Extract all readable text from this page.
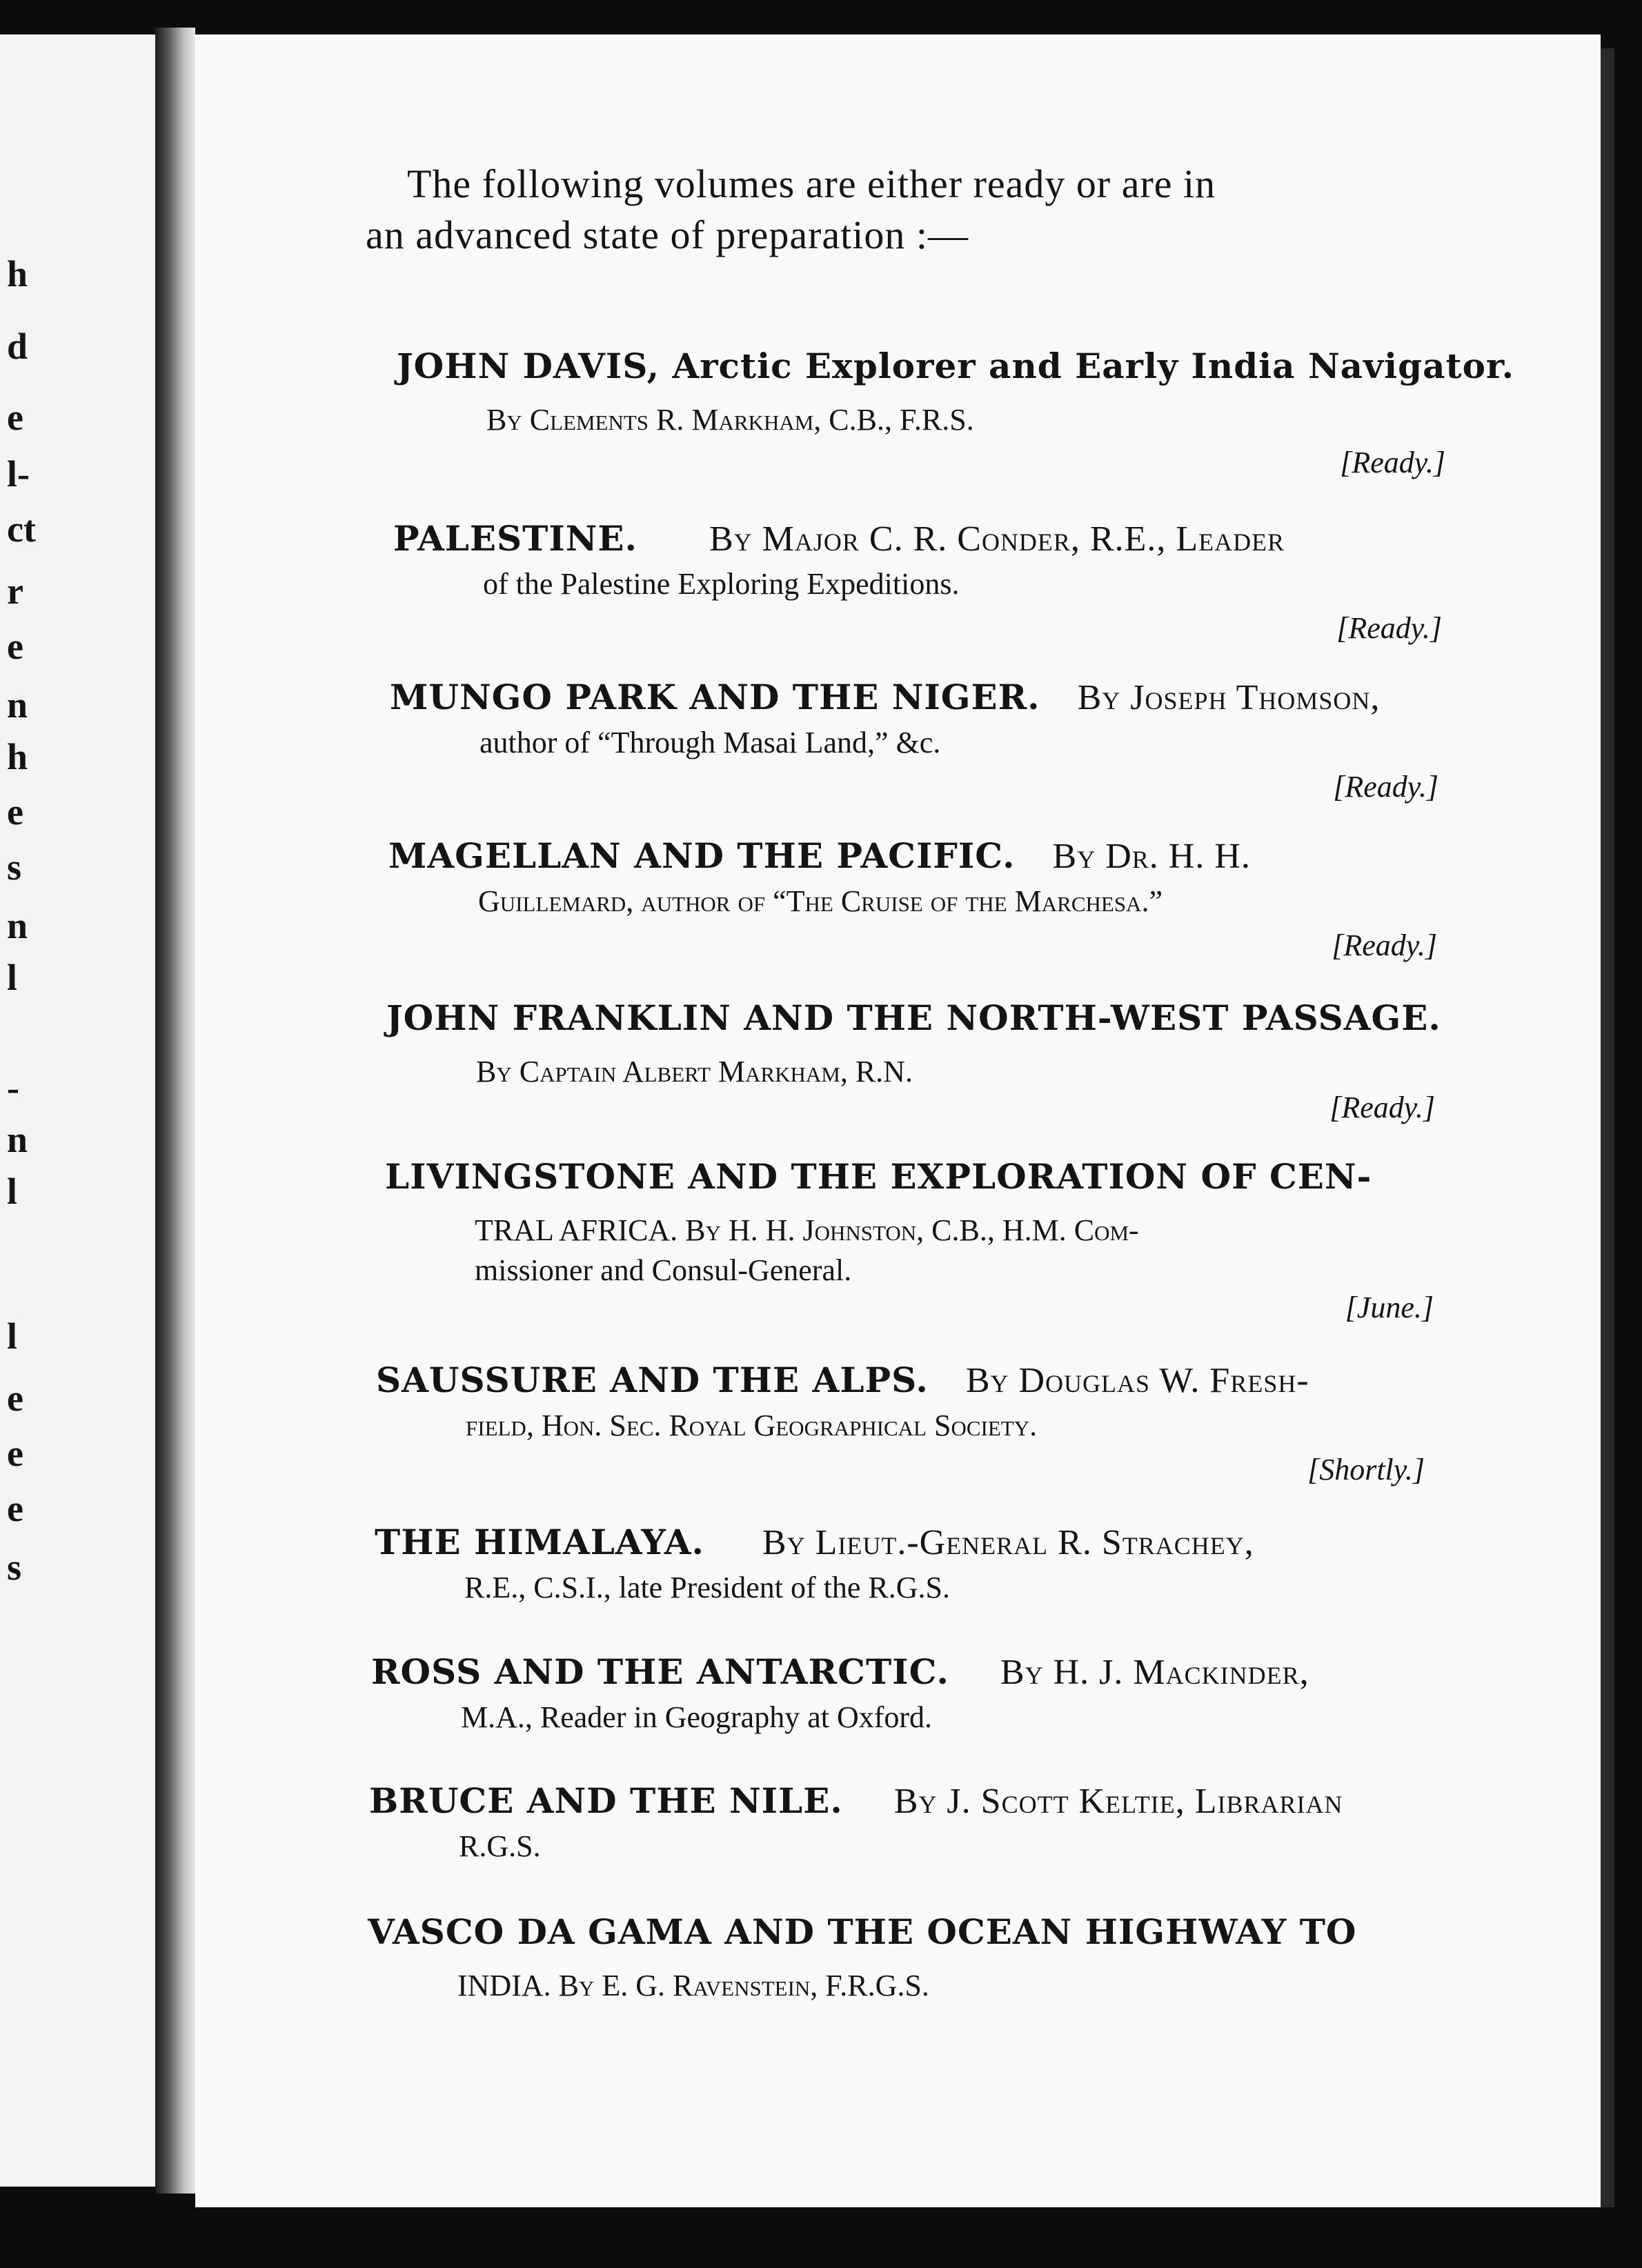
h
d
e
l-
ct
r
e
n
h
e
s
n
l
-
n
l
l
e
e
e
s
The following volumes are either ready or are in
an advanced state of preparation :—
JOHN DAVIS, Arctic Explorer and Early India Navigator.
By Clements R. Markham, C.B., F.R.S.
[Ready.]
PALESTINE. By Major C. R. Conder, R.E., Leader
of the Palestine Exploring Expeditions.
[Ready.]
MUNGO PARK AND THE NIGER. By Joseph Thomson,
author of “Through Masai Land,” &c.
[Ready.]
MAGELLAN AND THE PACIFIC. By Dr. H. H.
Guillemard, author of “The Cruise of the Marchesa.”
[Ready.]
JOHN FRANKLIN AND THE NORTH-WEST PASSAGE.
By Captain Albert Markham, R.N.
[Ready.]
LIVINGSTONE AND THE EXPLORATION OF CEN-
TRAL AFRICA. By H. H. Johnston, C.B., H.M. Com-
missioner and Consul-General.
[June.]
SAUSSURE AND THE ALPS. By Douglas W. Fresh-
field, Hon. Sec. Royal Geographical Society.
[Shortly.]
THE HIMALAYA. By Lieut.-General R. Strachey,
R.E., C.S.I., late President of the R.G.S.
ROSS AND THE ANTARCTIC. By H. J. Mackinder,
M.A., Reader in Geography at Oxford.
BRUCE AND THE NILE. By J. Scott Keltie, Librarian
R.G.S.
VASCO DA GAMA AND THE OCEAN HIGHWAY TO
INDIA. By E. G. Ravenstein, F.R.G.S.
